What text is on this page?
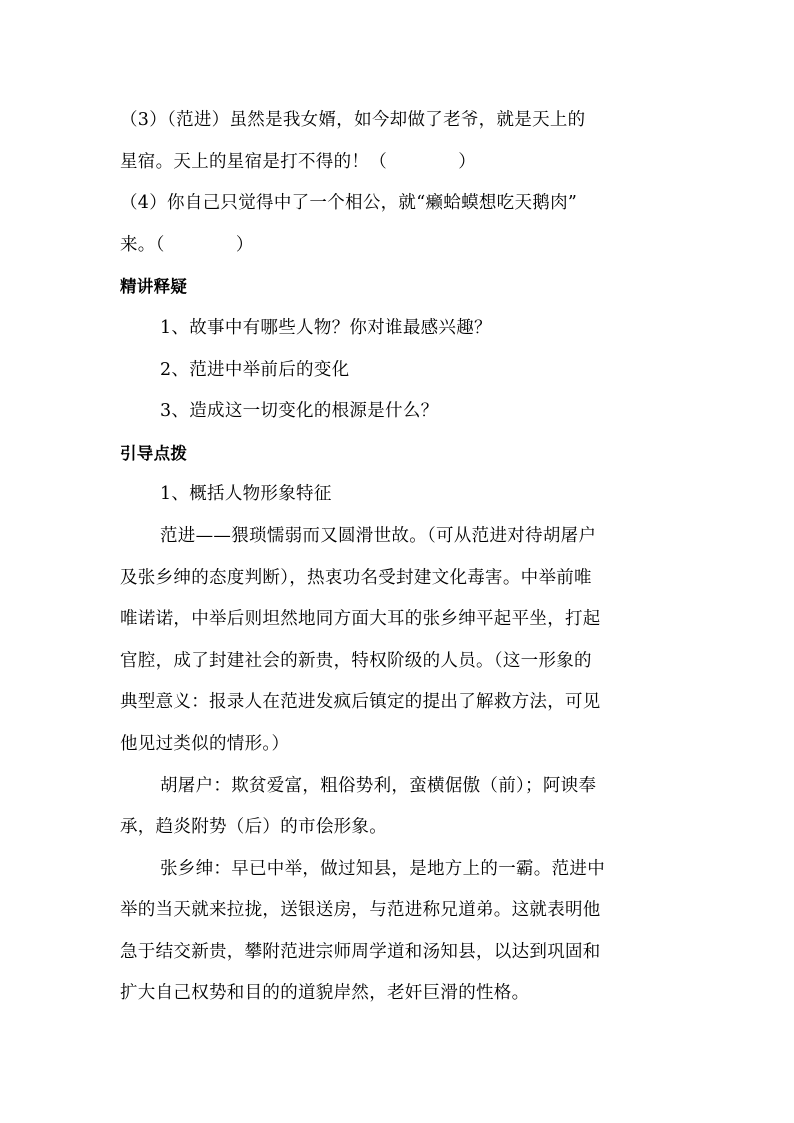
（3）（范进）虽然是我女婿，如今却做了老爷，就是天上的
星宿。天上的星宿是打不得的！（　　　　）
（4）你自己只觉得中了一个相公，就“癞蛤蟆想吃天鹅肉”
来。（　　　　）
精讲释疑
1、故事中有哪些人物？你对谁最感兴趣？
2、范进中举前后的变化
3、造成这一切变化的根源是什么？
引导点拨
1、概括人物形象特征
范进——猥琐懦弱而又圆滑世故。（可从范进对待胡屠户
及张乡绅的态度判断），热衷功名受封建文化毒害。中举前唯
唯诺诺，中举后则坦然地同方面大耳的张乡绅平起平坐，打起
官腔，成了封建社会的新贵，特权阶级的人员。（这一形象的
典型意义：报录人在范进发疯后镇定的提出了解救方法，可见
他见过类似的情形。）
胡屠户：欺贫爱富，粗俗势利，蛮横倨傲（前）；阿谀奉
承，趋炎附势（后）的市侩形象。
张乡绅：早已中举，做过知县，是地方上的一霸。范进中
举的当天就来拉拢，送银送房，与范进称兄道弟。这就表明他
急于结交新贵，攀附范进宗师周学道和汤知县，以达到巩固和
扩大自己权势和目的的道貌岸然，老奸巨滑的性格。
